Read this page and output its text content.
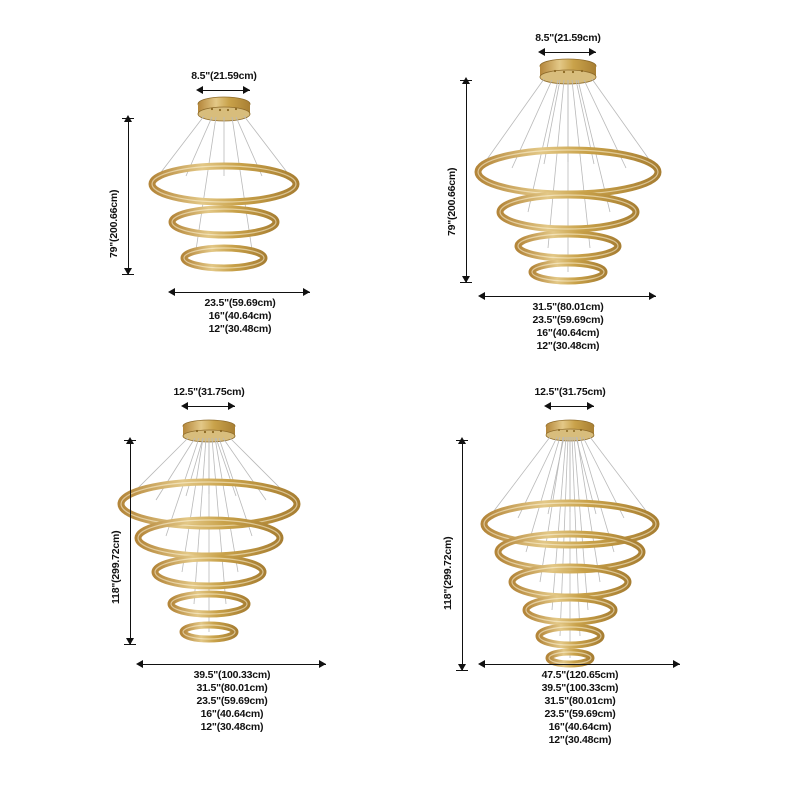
8.5"(21.59cm)
79"(200.66cm)
23.5"(59.69cm)
16"(40.64cm)
12"(30.48cm)
8.5"(21.59cm)
79"(200.66cm)
31.5"(80.01cm)
23.5"(59.69cm)
16"(40.64cm)
12"(30.48cm)
12.5"(31.75cm)
118"(299.72cm)
39.5"(100.33cm)
31.5"(80.01cm)
23.5"(59.69cm)
16"(40.64cm)
12"(30.48cm)
12.5"(31.75cm)
118"(299.72cm)
47.5"(120.65cm)
39.5"(100.33cm)
31.5"(80.01cm)
23.5"(59.69cm)
16"(40.64cm)
12"(30.48cm)
